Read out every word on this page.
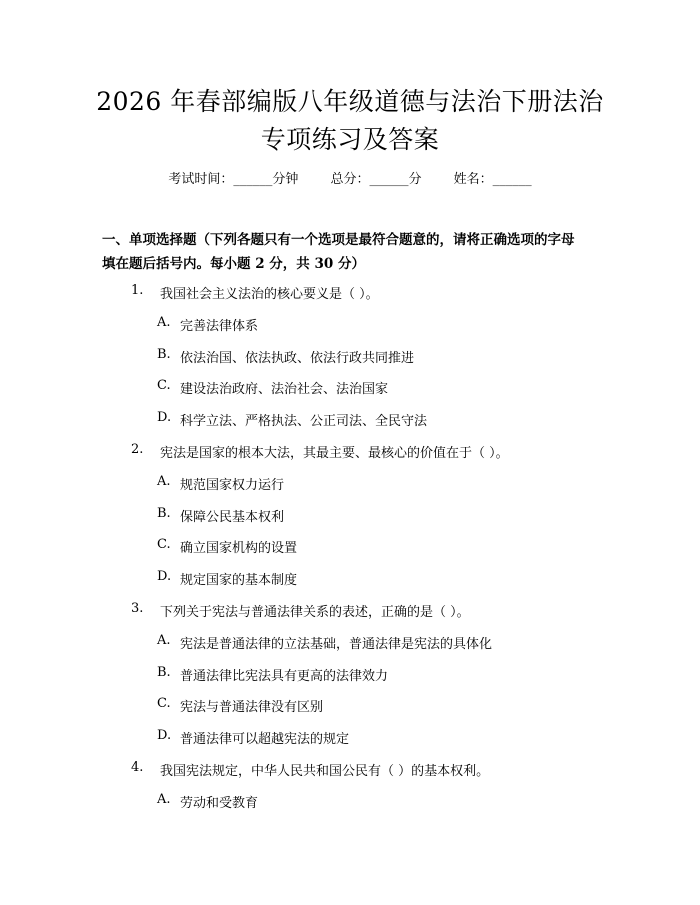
2026 年春部编版八年级道德与法治下册法治
专项练习及答案
考试时间：______分钟 总分：______分 姓名：______
一、单项选择题（下列各题只有一个选项是最符合题意的，请将正确选项的字母
填在题后括号内。每小题 2 分，共 30 分）
1. 我国社会主义法治的核心要义是（ ）。
A. 完善法律体系
B. 依法治国、依法执政、依法行政共同推进
C. 建设法治政府、法治社会、法治国家
D. 科学立法、严格执法、公正司法、全民守法
2. 宪法是国家的根本大法，其最主要、最核心的价值在于（ ）。
A. 规范国家权力运行
B. 保障公民基本权利
C. 确立国家机构的设置
D. 规定国家的基本制度
3. 下列关于宪法与普通法律关系的表述，正确的是（ ）。
A. 宪法是普通法律的立法基础，普通法律是宪法的具体化
B. 普通法律比宪法具有更高的法律效力
C. 宪法与普通法律没有区别
D. 普通法律可以超越宪法的规定
4. 我国宪法规定，中华人民共和国公民有（ ）的基本权利。
A. 劳动和受教育
